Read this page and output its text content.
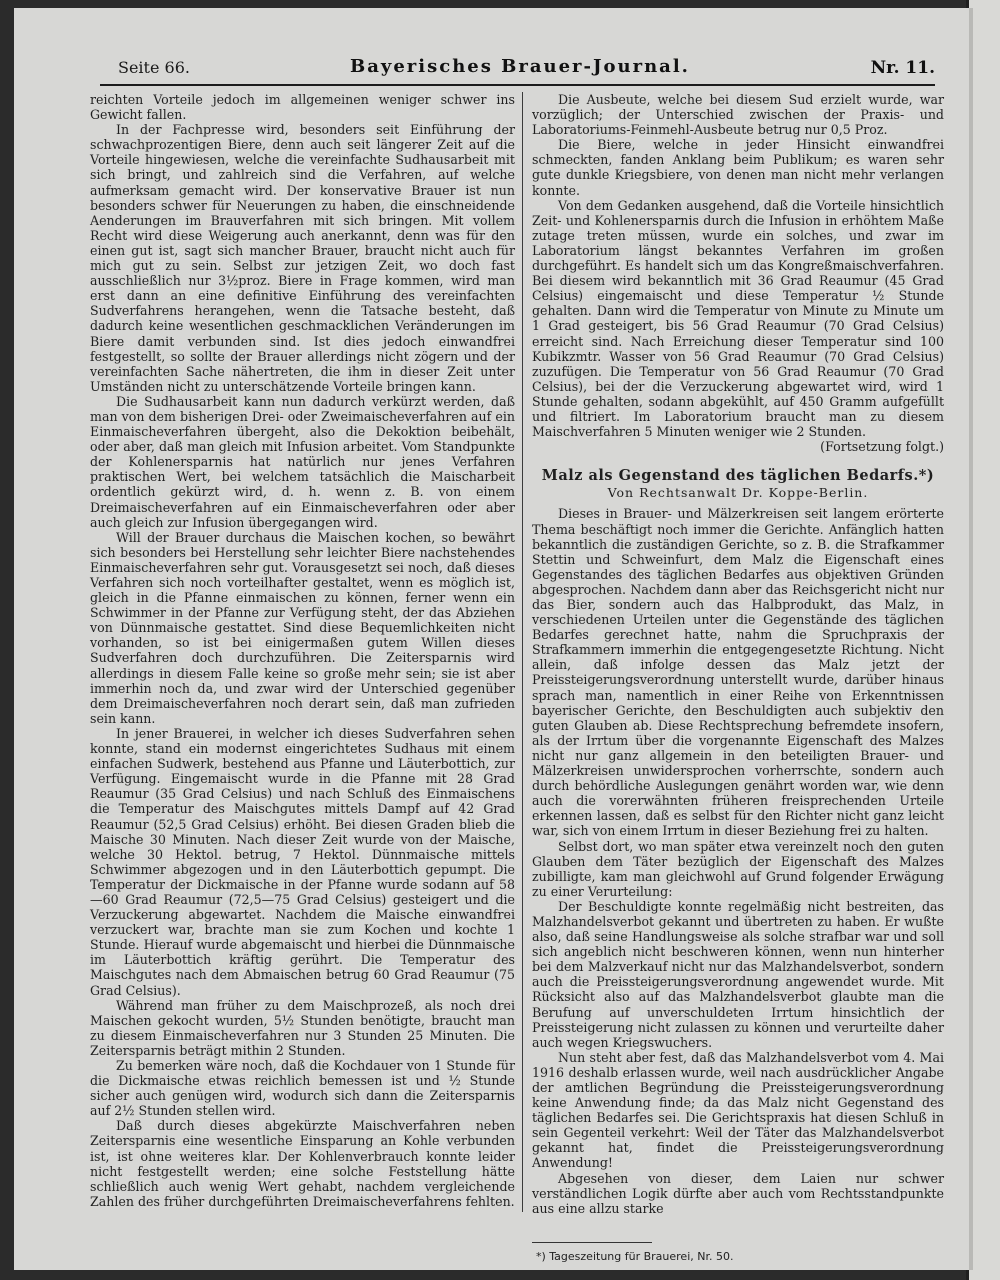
Seite 66.	Bayerisches Brauer-Journal.	Nr. 11.

reichten Vorteile jedoch im allgemeinen weniger schwer ins Gewicht fallen.

In der Fachpresse wird, besonders seit Einführung der schwachprozentigen Biere, denn auch seit längerer Zeit auf die Vorteile hingewiesen, welche die vereinfachte Sudhausarbeit mit sich bringt, und zahlreich sind die Verfahren, auf welche aufmerksam gemacht wird. Der konservative Brauer ist nun besonders schwer für Neuerungen zu haben, die einschneidende Aenderungen im Brauverfahren mit sich bringen. Mit vollem Recht wird diese Weigerung auch anerkannt, denn was für den einen gut ist, sagt sich mancher Brauer, braucht nicht auch für mich gut zu sein. Selbst zur jetzigen Zeit, wo doch fast ausschließlich nur 3½proz. Biere in Frage kommen, wird man erst dann an eine definitive Einführung des vereinfachten Sudverfahrens herangehen, wenn die Tatsache besteht, daß dadurch keine wesentlichen geschmacklichen Veränderungen im Biere damit verbunden sind. Ist dies jedoch einwandfrei festgestellt, so sollte der Brauer allerdings nicht zögern und der vereinfachten Sache nähertreten, die ihm in dieser Zeit unter Umständen nicht zu unterschätzende Vorteile bringen kann.

Die Sudhausarbeit kann nun dadurch verkürzt werden, daß man von dem bisherigen Drei- oder Zweimaischeverfahren auf ein Einmaischeverfahren übergeht, also die Dekoktion beibehält, oder aber, daß man gleich mit Infusion arbeitet. Vom Standpunkte der Kohlenersparnis hat natürlich nur jenes Verfahren praktischen Wert, bei welchem tatsächlich die Maischarbeit ordentlich gekürzt wird, d. h. wenn z. B. von einem Dreimaischeverfahren auf ein Einmaischeverfahren oder aber auch gleich zur Infusion übergegangen wird.

Will der Brauer durchaus die Maischen kochen, so bewährt sich besonders bei Herstellung sehr leichter Biere nachstehendes Einmaischeverfahren sehr gut. Vorausgesetzt sei noch, daß dieses Verfahren sich noch vorteilhafter gestaltet, wenn es möglich ist, gleich in die Pfanne einmaischen zu können, ferner wenn ein Schwimmer in der Pfanne zur Verfügung steht, der das Abziehen von Dünnmaische gestattet. Sind diese Bequemlichkeiten nicht vorhanden, so ist bei einigermaßen gutem Willen dieses Sudverfahren doch durchzuführen. Die Zeitersparnis wird allerdings in diesem Falle keine so große mehr sein; sie ist aber immerhin noch da, und zwar wird der Unterschied gegenüber dem Dreimaischeverfahren noch derart sein, daß man zufrieden sein kann.

In jener Brauerei, in welcher ich dieses Sudverfahren sehen konnte, stand ein modernst eingerichtetes Sudhaus mit einem einfachen Sudwerk, bestehend aus Pfanne und Läuterbottich, zur Verfügung. Eingemaischt wurde in die Pfanne mit 28 Grad Reaumur (35 Grad Celsius) und nach Schluß des Einmaischens die Temperatur des Maischgutes mittels Dampf auf 42 Grad Reaumur (52,5 Grad Celsius) erhöht. Bei diesen Graden blieb die Maische 30 Minuten. Nach dieser Zeit wurde von der Maische, welche 30 Hektol. betrug, 7 Hektol. Dünnmaische mittels Schwimmer abgezogen und in den Läuterbottich gepumpt. Die Temperatur der Dickmaische in der Pfanne wurde sodann auf 58—60 Grad Reaumur (72,5—75 Grad Celsius) gesteigert und die Verzuckerung abgewartet. Nachdem die Maische einwandfrei verzuckert war, brachte man sie zum Kochen und kochte 1 Stunde. Hierauf wurde abgemaischt und hierbei die Dünnmaische im Läuterbottich kräftig gerührt. Die Temperatur des Maischgutes nach dem Abmaischen betrug 60 Grad Reaumur (75 Grad Celsius).

Während man früher zu dem Maischprozeß, als noch drei Maischen gekocht wurden, 5½ Stunden benötigte, braucht man zu diesem Einmaischeverfahren nur 3 Stunden 25 Minuten. Die Zeitersparnis beträgt mithin 2 Stunden.

Zu bemerken wäre noch, daß die Kochdauer von 1 Stunde für die Dickmaische etwas reichlich bemessen ist und ½ Stunde sicher auch genügen wird, wodurch sich dann die Zeitersparnis auf 2½ Stunden stellen wird.

Daß durch dieses abgekürzte Maischverfahren neben Zeitersparnis eine wesentliche Einsparung an Kohle verbunden ist, ist ohne weiteres klar. Der Kohlenverbrauch konnte leider nicht festgestellt werden; eine solche Feststellung hätte schließlich auch wenig Wert gehabt, nachdem vergleichende Zahlen des früher durchgeführten Dreimaischeverfahrens fehlten.

Die Ausbeute, welche bei diesem Sud erzielt wurde, war vorzüglich; der Unterschied zwischen der Praxis- und Laboratoriums-Feinmehl-Ausbeute betrug nur 0,5 Proz.

Die Biere, welche in jeder Hinsicht einwandfrei schmeckten, fanden Anklang beim Publikum; es waren sehr gute dunkle Kriegsbiere, von denen man nicht mehr verlangen konnte.

Von dem Gedanken ausgehend, daß die Vorteile hinsichtlich Zeit- und Kohlenersparnis durch die Infusion in erhöhtem Maße zutage treten müssen, wurde ein solches, und zwar im Laboratorium längst bekanntes Verfahren im großen durchgeführt. Es handelt sich um das Kongreßmaischverfahren. Bei diesem wird bekanntlich mit 36 Grad Reaumur (45 Grad Celsius) eingemaischt und diese Temperatur ½ Stunde gehalten. Dann wird die Temperatur von Minute zu Minute um 1 Grad gesteigert, bis 56 Grad Reaumur (70 Grad Celsius) erreicht sind. Nach Erreichung dieser Temperatur sind 100 Kubikzmtr. Wasser von 56 Grad Reaumur (70 Grad Celsius) zuzufügen. Die Temperatur von 56 Grad Reaumur (70 Grad Celsius), bei der die Verzuckerung abgewartet wird, wird 1 Stunde gehalten, sodann abgekühlt, auf 450 Gramm aufgefüllt und filtriert. Im Laboratorium braucht man zu diesem Maischverfahren 5 Minuten weniger wie 2 Stunden.

(Fortsetzung folgt.)

Malz als Gegenstand des täglichen Bedarfs.*)
Von Rechtsanwalt Dr. Koppe-Berlin.

Dieses in Brauer- und Mälzerkreisen seit langem erörterte Thema beschäftigt noch immer die Gerichte. Anfänglich hatten bekanntlich die zuständigen Gerichte, so z. B. die Strafkammer Stettin und Schweinfurt, dem Malz die Eigenschaft eines Gegenstandes des täglichen Bedarfes aus objektiven Gründen abgesprochen. Nachdem dann aber das Reichsgericht nicht nur das Bier, sondern auch das Halbprodukt, das Malz, in verschiedenen Urteilen unter die Gegenstände des täglichen Bedarfes gerechnet hatte, nahm die Spruchpraxis der Strafkammern immerhin die entgegengesetzte Richtung. Nicht allein, daß infolge dessen das Malz jetzt der Preissteigerungsverordnung unterstellt wurde, darüber hinaus sprach man, namentlich in einer Reihe von Erkenntnissen bayerischer Gerichte, den Beschuldigten auch subjektiv den guten Glauben ab. Diese Rechtsprechung befremdete insofern, als der Irrtum über die vorgenannte Eigenschaft des Malzes nicht nur ganz allgemein in den beteiligten Brauer- und Mälzerkreisen unwidersprochen vorherrschte, sondern auch durch behördliche Auslegungen genährt worden war, wie denn auch die vorerwähnten früheren freisprechenden Urteile erkennen lassen, daß es selbst für den Richter nicht ganz leicht war, sich von einem Irrtum in dieser Beziehung frei zu halten.

Selbst dort, wo man später etwa vereinzelt noch den guten Glauben dem Täter bezüglich der Eigenschaft des Malzes zubilligte, kam man gleichwohl auf Grund folgender Erwägung zu einer Verurteilung:

Der Beschuldigte konnte regelmäßig nicht bestreiten, das Malzhandelsverbot gekannt und übertreten zu haben. Er wußte also, daß seine Handlungsweise als solche strafbar war und soll sich angeblich nicht beschweren können, wenn nun hinterher bei dem Malzverkauf nicht nur das Malzhandelsverbot, sondern auch die Preissteigerungsverordnung angewendet wurde. Mit Rücksicht also auf das Malzhandelsverbot glaubte man die Berufung auf unverschuldeten Irrtum hinsichtlich der Preissteigerung nicht zulassen zu können und verurteilte daher auch wegen Kriegswuchers.

Nun steht aber fest, daß das Malzhandelsverbot vom 4. Mai 1916 deshalb erlassen wurde, weil nach ausdrücklicher Angabe der amtlichen Begründung die Preissteigerungsverordnung keine Anwendung finde; da das Malz nicht Gegenstand des täglichen Bedarfes sei. Die Gerichtspraxis hat diesen Schluß in sein Gegenteil verkehrt: Weil der Täter das Malzhandelsverbot gekannt hat, findet die Preissteigerungsverordnung Anwendung!

Abgesehen von dieser, dem Laien nur schwer verständlichen Logik dürfte aber auch vom Rechtsstandpunkte aus eine allzu starke

*) Tageszeitung für Brauerei, Nr. 50.
